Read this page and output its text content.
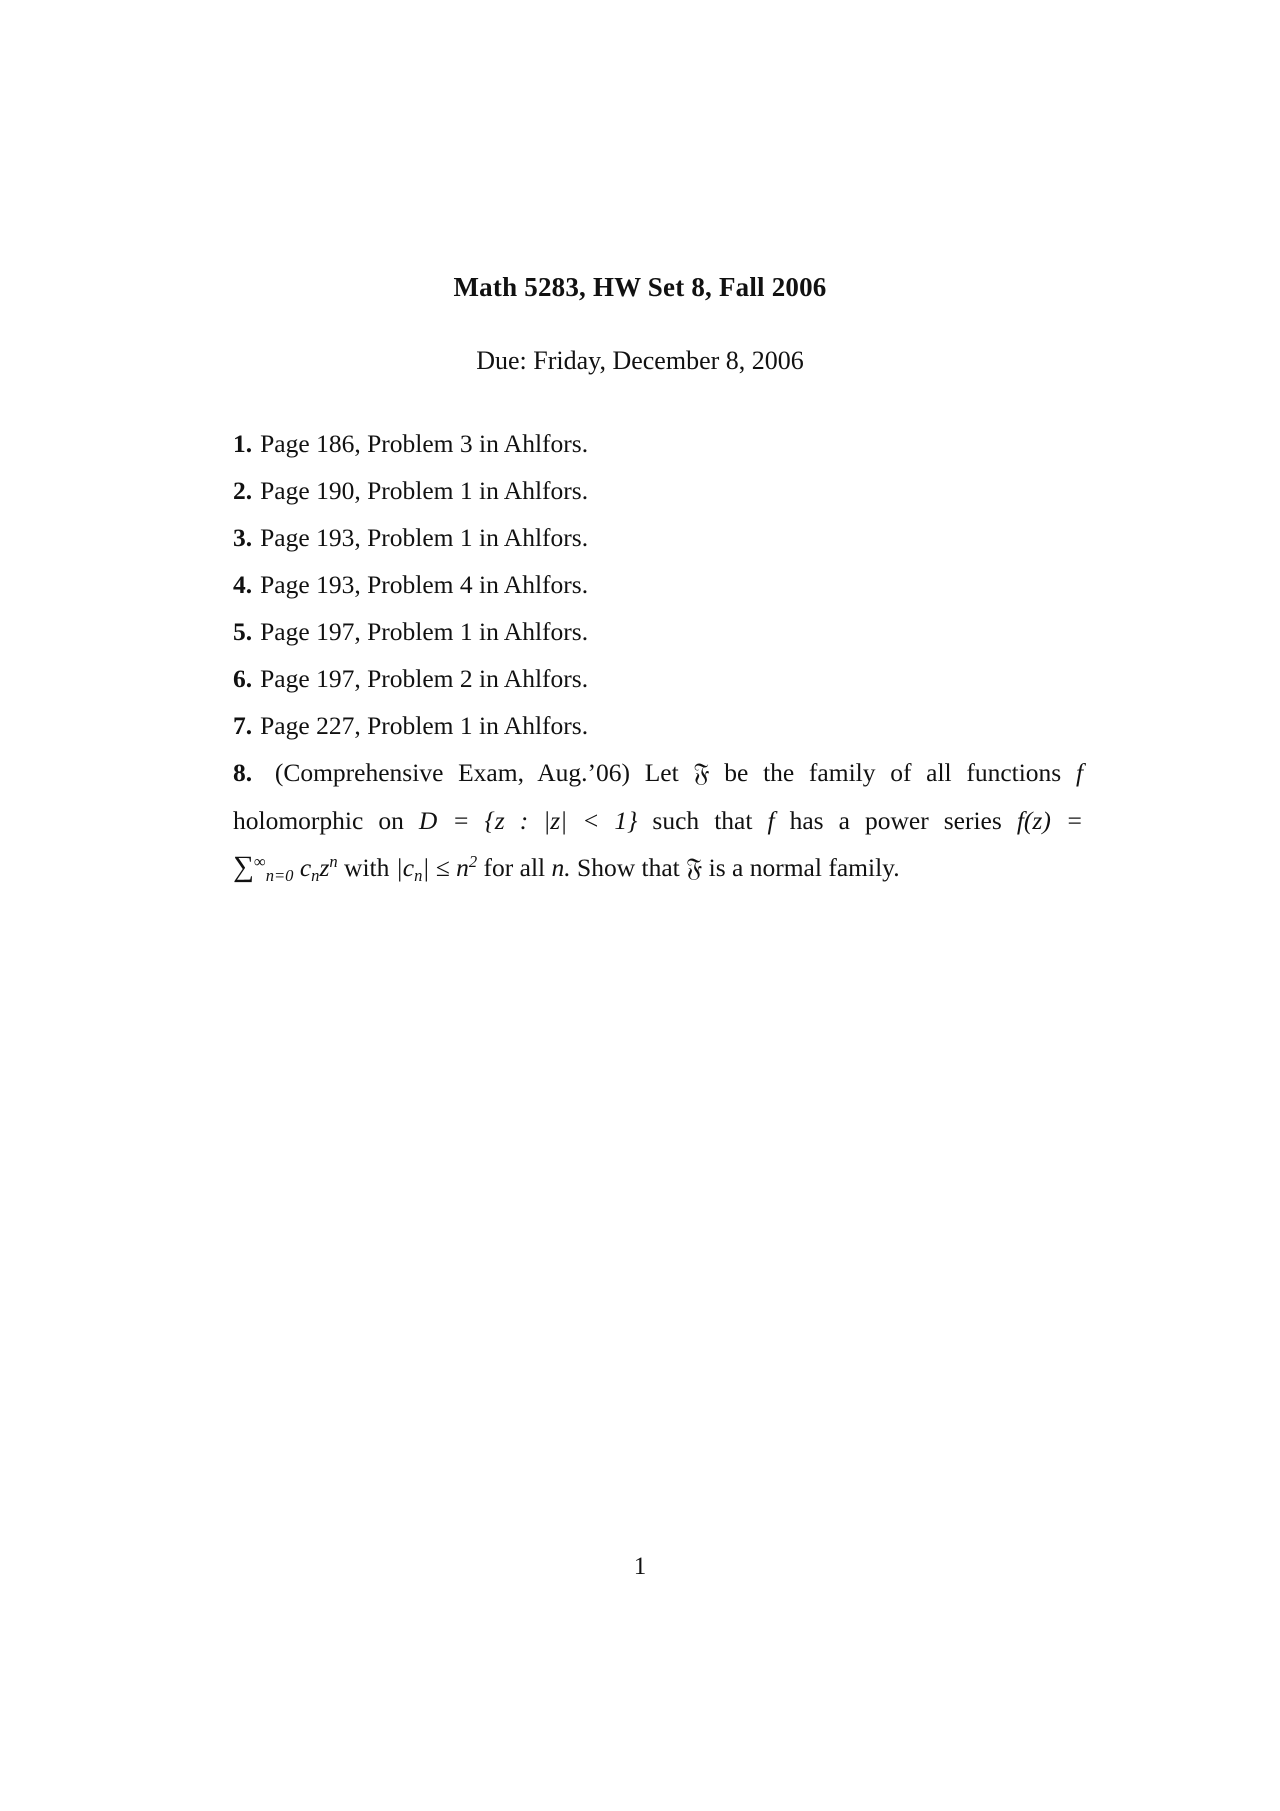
Math 5283, HW Set 8, Fall 2006
Due: Friday, December 8, 2006
1. Page 186, Problem 3 in Ahlfors.
2. Page 190, Problem 1 in Ahlfors.
3. Page 193, Problem 1 in Ahlfors.
4. Page 193, Problem 4 in Ahlfors.
5. Page 197, Problem 1 in Ahlfors.
6. Page 197, Problem 2 in Ahlfors.
7. Page 227, Problem 1 in Ahlfors.
8. (Comprehensive Exam, Aug.’06) Let 𝔉 be the family of all functions f
holomorphic on D = {z : |z| < 1} such that f has a power series f(z) =
$\sum^\infty_{n=0}$ $c_nz^n$ with $|c_n| \le n^2$ for all n. Show that 𝔉 is a normal family.
1
